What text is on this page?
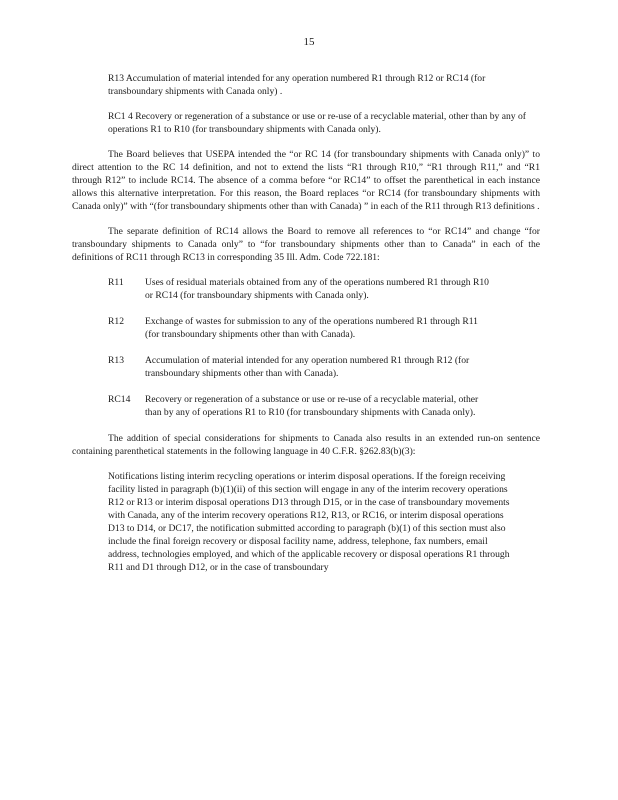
15
R13 Accumulation of material intended for any operation numbered R1 through R12 or RC14 (for transboundary shipments with Canada only) .
RC1 4 Recovery or regeneration of a substance or use or re-use of a recyclable material, other than by any of operations R1 to R10 (for transboundary shipments with Canada only).

The Board believes that USEPA intended the “or RC 14 (for transboundary shipments with Canada only)” to direct attention to the RC 14 definition, and not to extend the lists “R1 through R10,” “R1 through R11,” and “R1 through R12” to include RC14. The absence of a comma before “or RC14” to offset the parenthetical in each instance allows this alternative interpretation. For this reason, the Board replaces “or RC14 (for transboundary shipments with Canada only)” with “(for transboundary shipments other than with Canada) ” in each of the R11 through R13 definitions .

The separate definition of RC14 allows the Board to remove all references to “or RC14” and change “for transboundary shipments to Canada only” to “for transboundary shipments other than to Canada” in each of the definitions of RC11 through RC13 in corresponding 35 Ill. Adm. Code 722.181:

R11	Uses of residual materials obtained from any of the operations numbered R1 through R10 or RC14 (for transboundary shipments with Canada only).
R12	Exchange of wastes for submission to any of the operations numbered R1 through R11 (for transboundary shipments other than with Canada).
R13	Accumulation of material intended for any operation numbered R1 through R12 (for transboundary shipments other than with Canada).
RC14	Recovery or regeneration of a substance or use or re-use of a recyclable material, other than by any of operations R1 to R10 (for transboundary shipments with Canada only).

The addition of special considerations for shipments to Canada also results in an extended run-on sentence containing parenthetical statements in the following language in 40 C.F.R. §262.83(b)(3):

Notifications listing interim recycling operations or interim disposal operations. If the foreign receiving facility listed in paragraph (b)(1)(ii) of this section will engage in any of the interim recovery operations R12 or R13 or interim disposal operations D13 through D15, or in the case of transboundary movements with Canada, any of the interim recovery operations R12, R13, or RC16, or interim disposal operations D13 to D14, or DC17, the notification submitted according to paragraph (b)(1) of this section must also include the final foreign recovery or disposal facility name, address, telephone, fax numbers, email address, technologies employed, and which of the applicable recovery or disposal operations R1 through R11 and D1 through D12, or in the case of transboundary
